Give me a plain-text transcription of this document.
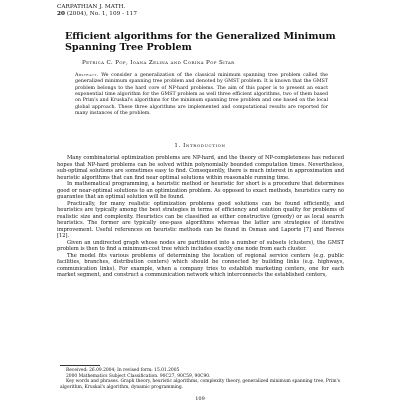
CARPATHIAN J. MATH.
20 (2004), No. 1, 109 - 117
Efficient algorithms for the Generalized Minimum Spanning Tree Problem
Petrica C. Pop, Ioana Zelina and Corina Pop Sitar

Abstract. We consider a generalization of the classical minimum spanning tree problem called the generalized minimum spanning tree problem and denoted by GMST problem. It is known that the GMST problem belongs to the hard core of NP-hard problems. The aim of this paper is to present an exact exponential time algorithm for the GMST problem as well three efficient algorithms, two of them based on Prim's and Kruskal's algorithms for the minimum spanning tree problem and one based on the local global approach. These three algorithms are implemented and computational results are reported for many instances of the problem.

1. Introduction

Many combinatorial optimization problems are NP-hard, and the theory of NP-completeness has reduced hopes that NP-hard problems can be solved within polynomially bounded computation times. Nevertheless, sub-optimal solutions are sometimes easy to find. Consequently, there is much interest in approximation and heuristic algorithms that can find near optimal solutions within reasonable running time.

In mathematical programming, a heuristic method or heuristic for short is a procedure that determines good or near-optimal solutions to an optimization problem. As opposed to exact methods, heuristics carry no guarantee that an optimal solution will be found.

Practically, for many realistic optimization problems good solutions can be found efficiently, and heuristics are typically among the best strategies in terms of efficiency and solution quality for problems of realistic size and complexity. Heuristics can be classified as either constructive (greedy) or as local search heuristics. The former are typically one-pass algorithms whereas the latter are strategies of iterative improvement. Useful references on heuristic methods can be found in Osman and Laporte [7] and Reeves [12].

Given an undirected graph whose nodes are partitioned into a number of subsets (clusters), the GMST problem is then to find a minimum-cost tree which includes exactly one node from each cluster.

The model fits various problems of determining the location of regional service centers (e.g. public facilities, branches, distribution centers) which should be connected by building links (e.g. highways, communication links). For example, when a company tries to establish marketing centers, one for each market segment, and construct a communication network which interconnects the established centers,

Received: 26.09.2004; In revised form: 15.01.2005
2000 Mathematics Subject Classification. 90C27, 90C59, 90C90.
Key words and phrases. Graph theory, heuristic algorithms, complexity theory, generalized minimum spanning tree, Prim's algorithm, Kruskal's algorithm, dynamic programming.
109
